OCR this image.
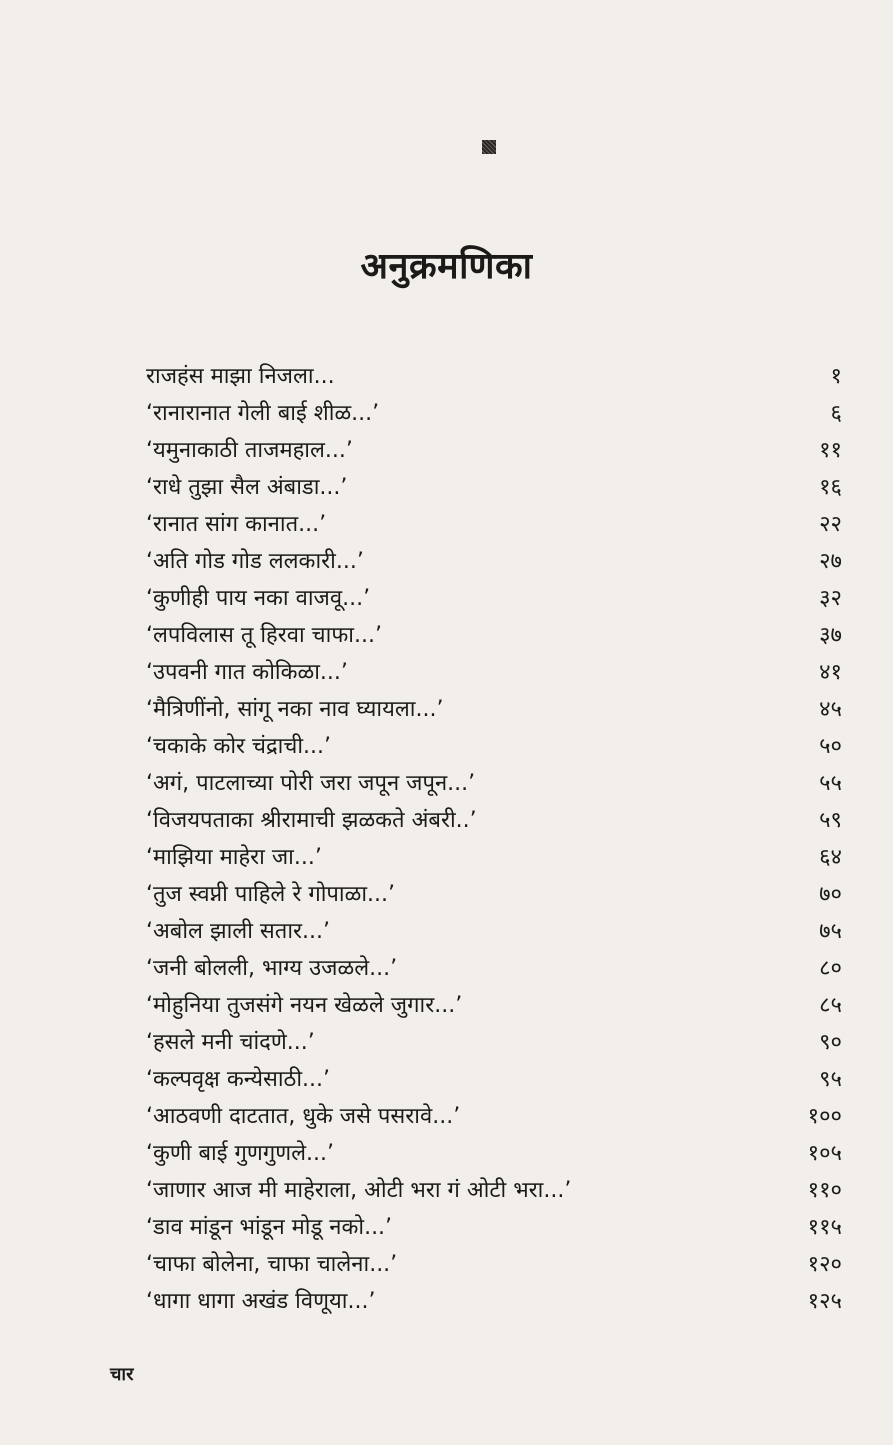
अनुक्रमणिका
राजहंस माझा निजला...	१
‘रानारानात गेली बाई शीळ...’	६
‘यमुनाकाठी ताजमहाल...’	११
‘राधे तुझा सैल अंबाडा...’	१६
‘रानात सांग कानात...’	२२
‘अति गोड गोड ललकारी...’	२७
‘कुणीही पाय नका वाजवू...’	३२
‘लपविलास तू हिरवा चाफा...’	३७
‘उपवनी गात कोकिळा...’	४१
‘मैत्रिणींनो, सांगू नका नाव घ्यायला...’	४५
‘चकाके कोर चंद्राची...’	५०
‘अगं, पाटलाच्या पोरी जरा जपून जपून...’	५५
‘विजयपताका श्रीरामाची झळकते अंबरी..’	५९
‘माझिया माहेरा जा...’	६४
‘तुज स्वप्नी पाहिले रे गोपाळा...’	७०
‘अबोल झाली सतार...’	७५
‘जनी बोलली, भाग्य उजळले...’	८०
‘मोहुनिया तुजसंगे नयन खेळले जुगार...’	८५
‘हसले मनी चांदणे...’	९०
‘कल्पवृक्ष कन्येसाठी...’	९५
‘आठवणी दाटतात, धुके जसे पसरावे...’	१००
‘कुणी बाई गुणगुणले...’	१०५
‘जाणार आज मी माहेराला, ओटी भरा गं ओटी भरा...’	११०
‘डाव मांडून भांडून मोडू नको...’	११५
‘चाफा बोलेना, चाफा चालेना...’	१२०
‘धागा धागा अखंड विणूया...’	१२५
चार
